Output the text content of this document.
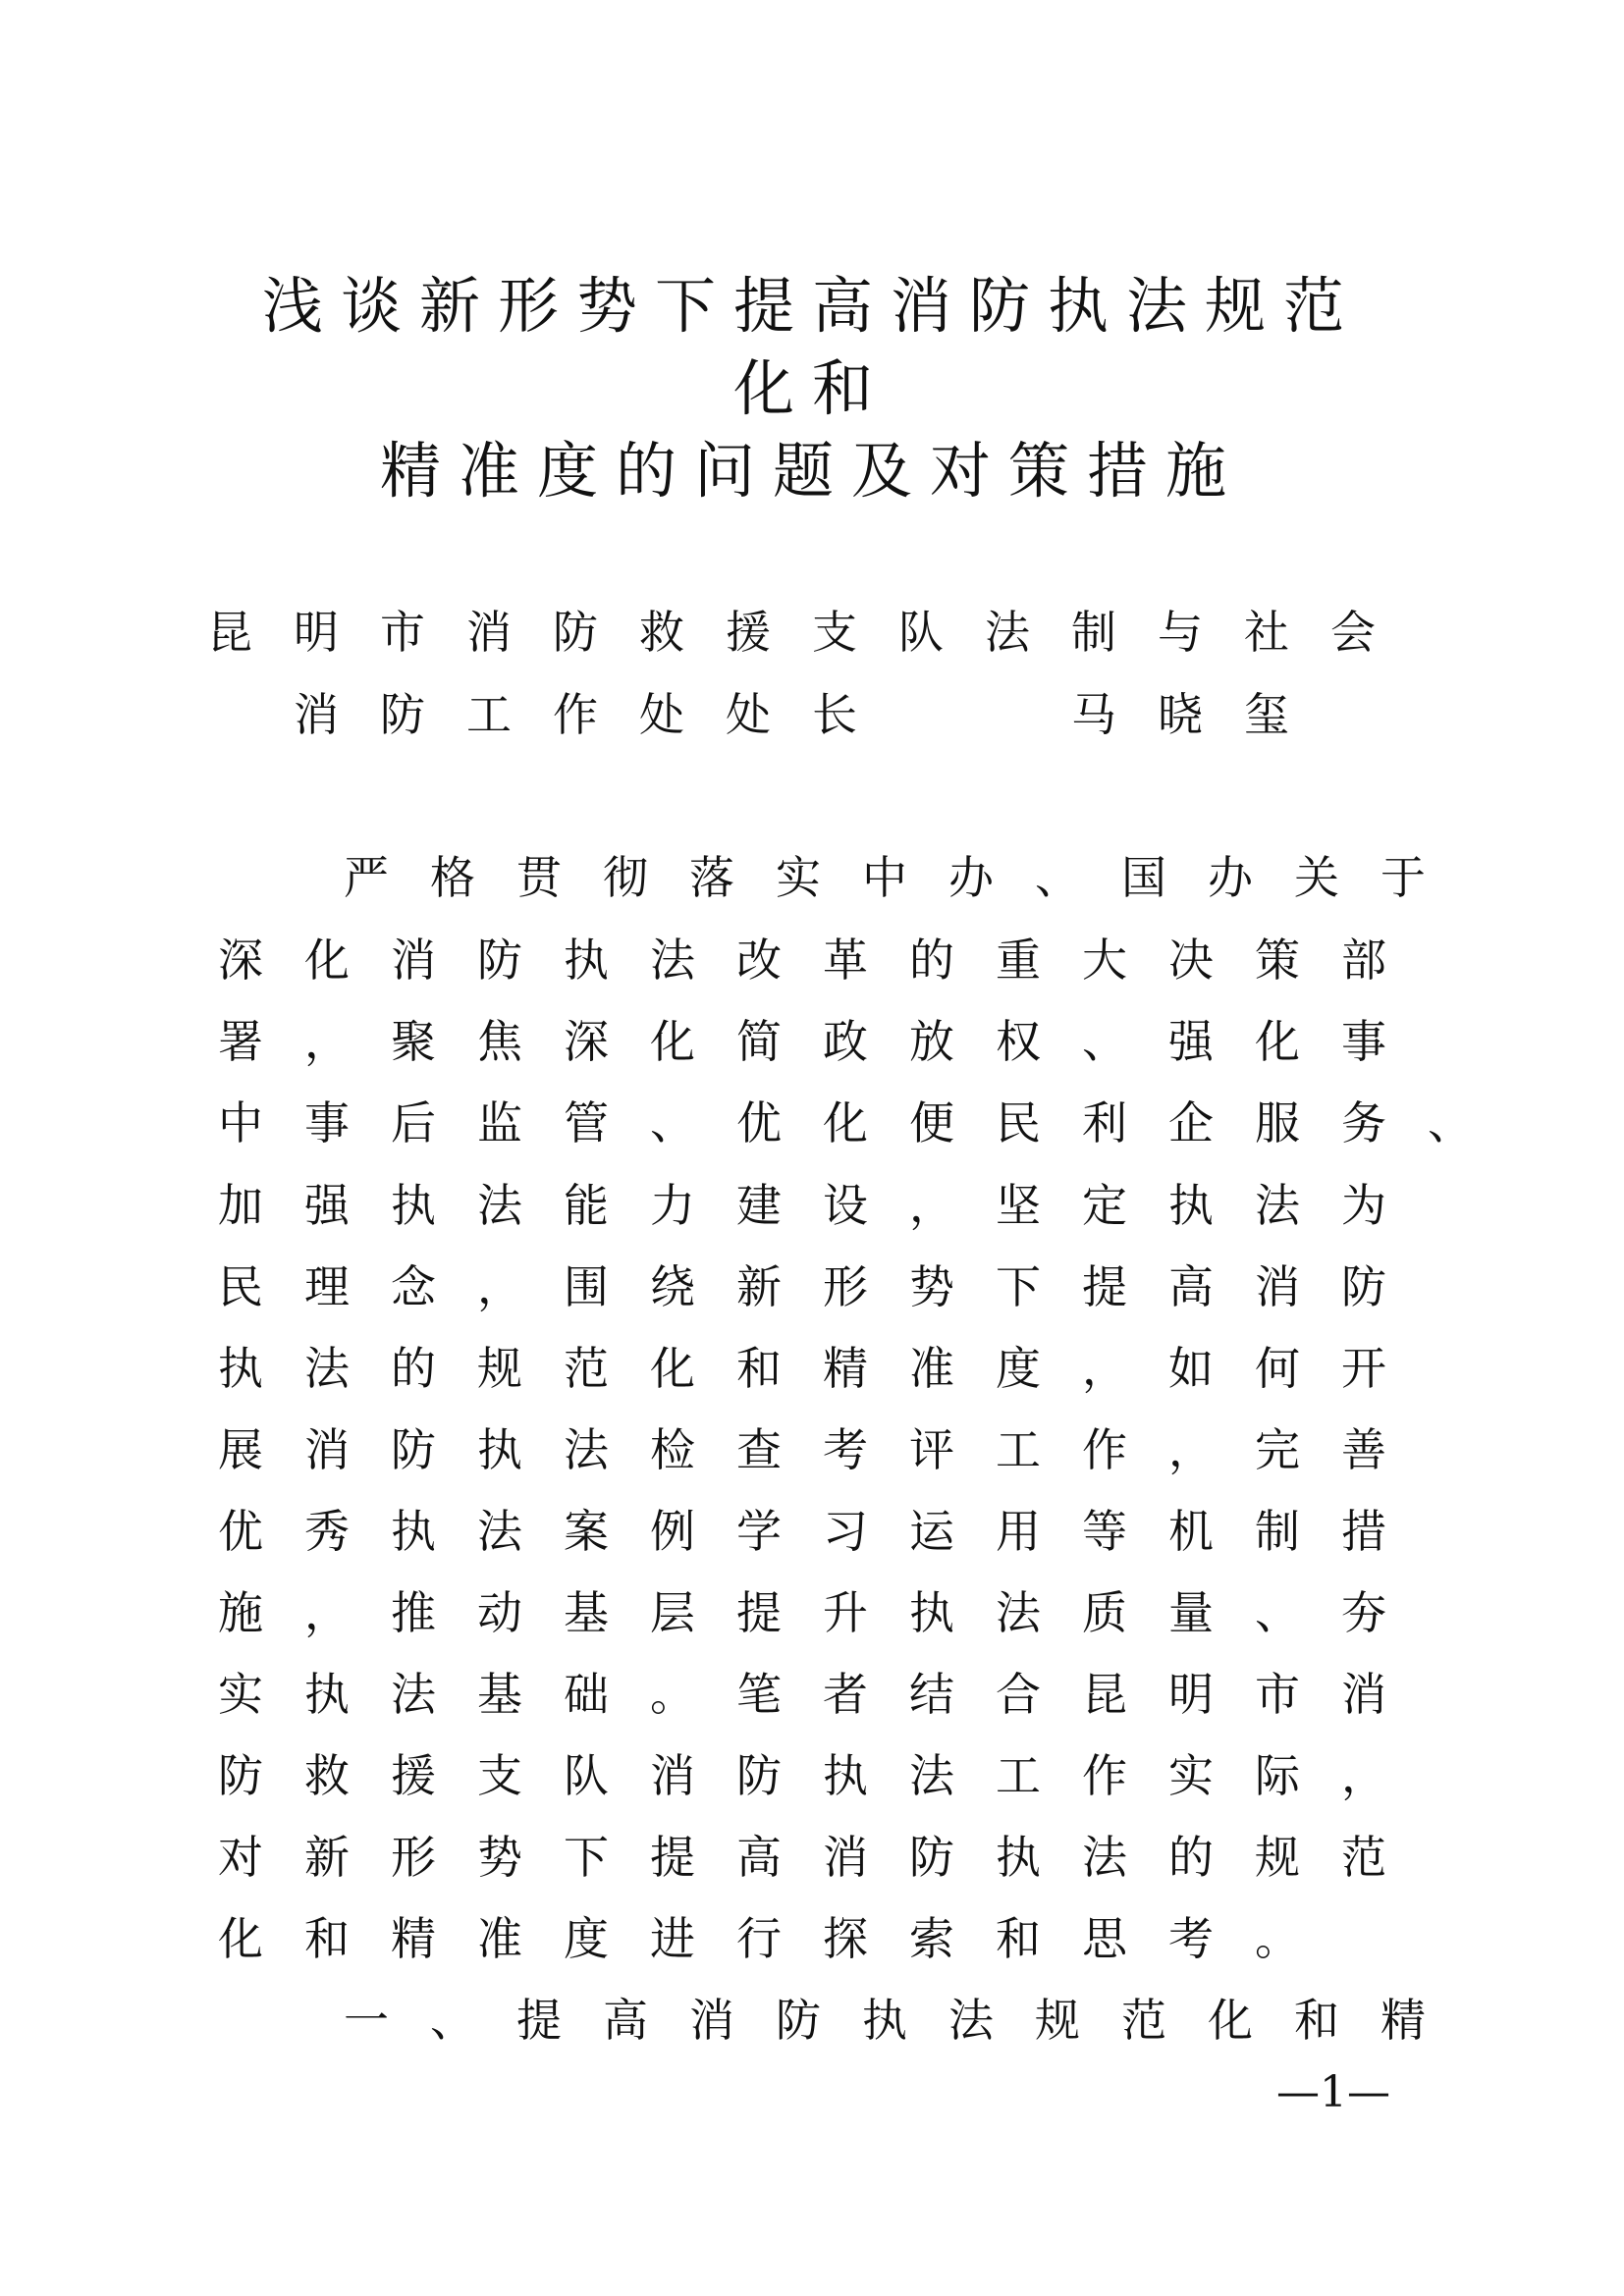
浅谈新形势下提高消防执法规范
化和
精准度的问题及对策措施
昆明市消防救援支队法制与社会
消防工作处处长　　马晓玺
严格贯彻落实中办、国办关于
深化消防执法改革的重大决策部
署，聚焦深化简政放权、强化事
中事后监管、优化便民利企服务、
加强执法能力建设，坚定执法为
民理念，围绕新形势下提高消防
执法的规范化和精准度，如何开
展消防执法检查考评工作，完善
优秀执法案例学习运用等机制措
施，推动基层提升执法质量、夯
实执法基础。笔者结合昆明市消
防救援支队消防执法工作实际，
对新形势下提高消防执法的规范
化和精准度进行探索和思考。
一、提高消防执法规范化和精
—1—
